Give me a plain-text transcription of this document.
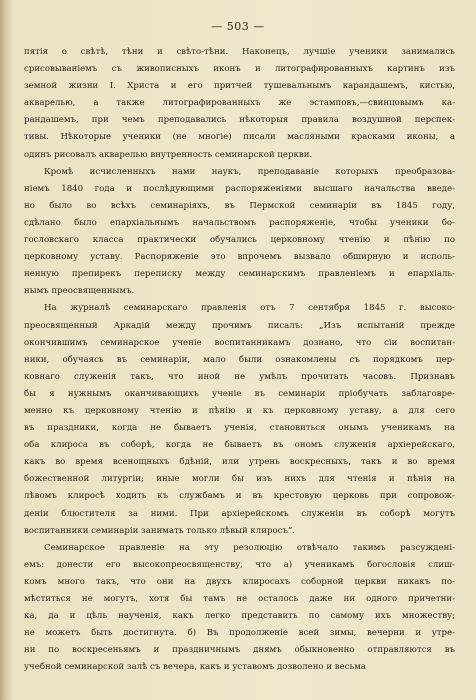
— 503 —

пятія о свѣтѣ, тѣни и свѣто-тѣни. Наконецъ, лучшіе ученики занимались
срисовываніемъ съ живописныхъ иконъ и литографированныхъ картинъ изъ
земной жизни І. Христа и его притчей тушевальнымъ карандашемъ, кистью,
акварелью, а также литографированныхъ же эстамповъ,—свинцовымъ ка-
рандашемъ, при чемъ преподавались нѣкоторыя правила воздушной перспек-
тивы. Нѣкоторые ученики (не многіе) писали масляными красками иконы, а
одинъ рисовалъ акварелью внутренность семинарской церкви.

Кромѣ исчисленныхъ нами наукъ, преподаваніе которыхъ преобразова-
ніемъ 1840 года и послѣдующими распоряженіями высшаго начальства введе-
но было во всѣхъ семинаріяхъ, въ Пермской семинаріи въ 1845 году,
сдѣлано было епархіальнымъ начальствомъ распоряженіе, чтобы ученики бо-
гословскаго класса практически обучались церковному чтенію и пѣнію по
церковному уставу. Распоряженіе это впрочемъ вызвало обширную и исполь-
ненную препирекъ переписку между семинарскимъ правленіемъ и епархіаль-
нымъ преосвященнымъ.

На журналѣ семинарскаго правленія отъ 7 сентября 1845 г. высоко-
преосвященный Аркадій между прочимъ писалъ: „Изъ испытаній прежде
окончившимъ семинарское ученіе воспитанникамъ дознано, что сіи воспитан-
ники, обучаясь въ семинаріи, мало были ознакомлены съ порядкомъ цер-
ковнаго служенія такъ, что иной не умѣлъ прочитать часовъ. Признавъ
бы я нужнымъ оканчивающихъ ученіе въ семинаріи пріобучать заблаговре-
менно къ церковному чтенію и пѣнію и къ церковному уставу, а для сего
въ праздники, когда не бываетъ ученія, становиться онымъ ученикамъ на
оба клироса въ соборѣ, когда не бываетъ въ ономъ служенія архіерейскаго,
какъ во время всенощныхъ бдѣній, или утрень воскресныхъ, такъ и во время
божественной литургіи; иные могли бы изъ нихъ для чтенія и пѣнія на
лѣвомъ клиросѣ ходить къ службамъ и въ крестовую церковь при сопровож-
деніи блюстителя за ними. При архіерейскомъ служеніи въ соборѣ могутъ
воспитанники семинаріи занимать только лѣвый клиросъ“.

Семинарское правленіе на эту резолюцію отвѣчало такимъ разсужденi-
емъ: донести его высокопреосвященству, что а) ученикамъ богословія слиш-
комъ много такъ, что они на двухъ клиросахъ соборной церкви никакъ по-
мѣститься не могутъ, хотя бы тамъ не осталось даже ни одного причетни-
ка, да и цѣль наученія, какъ легко представить по самому ихъ множеству;
не можетъ быть достигнута. б) Въ продолженіе всей зимы, вечерни и утре-
ни по воскресеньямъ и праздничнымъ днямъ обыкновенно отправляются въ
учебной семинарской залѣ съ вечера, какъ и уставомъ дозволено и весьма
